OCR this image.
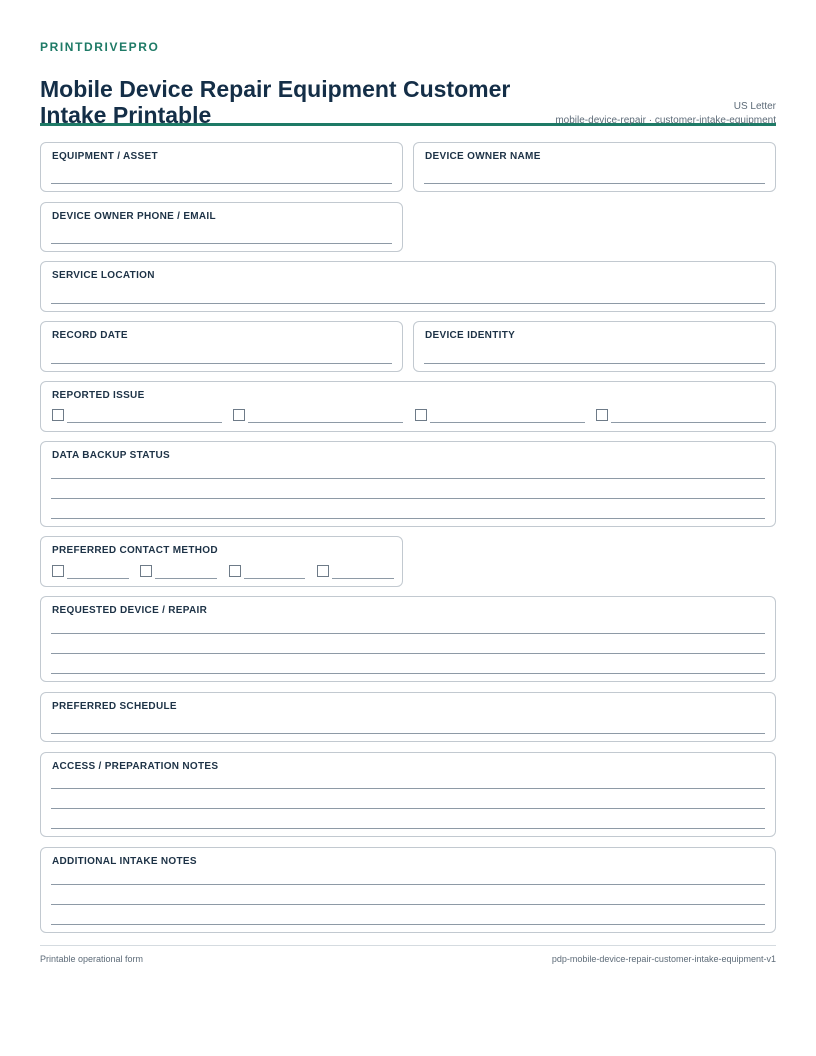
PRINTDRIVEPRO
Mobile Device Repair Equipment Customer Intake Printable	US Letter
mobile-device-repair · customer-intake-equipment
EQUIPMENT / ASSET	DEVICE OWNER NAME
DEVICE OWNER PHONE / EMAIL
SERVICE LOCATION
RECORD DATE	DEVICE IDENTITY
REPORTED ISSUE
DATA BACKUP STATUS
PREFERRED CONTACT METHOD
REQUESTED DEVICE / REPAIR
PREFERRED SCHEDULE
ACCESS / PREPARATION NOTES
ADDITIONAL INTAKE NOTES
Printable operational form	pdp-mobile-device-repair-customer-intake-equipment-v1
